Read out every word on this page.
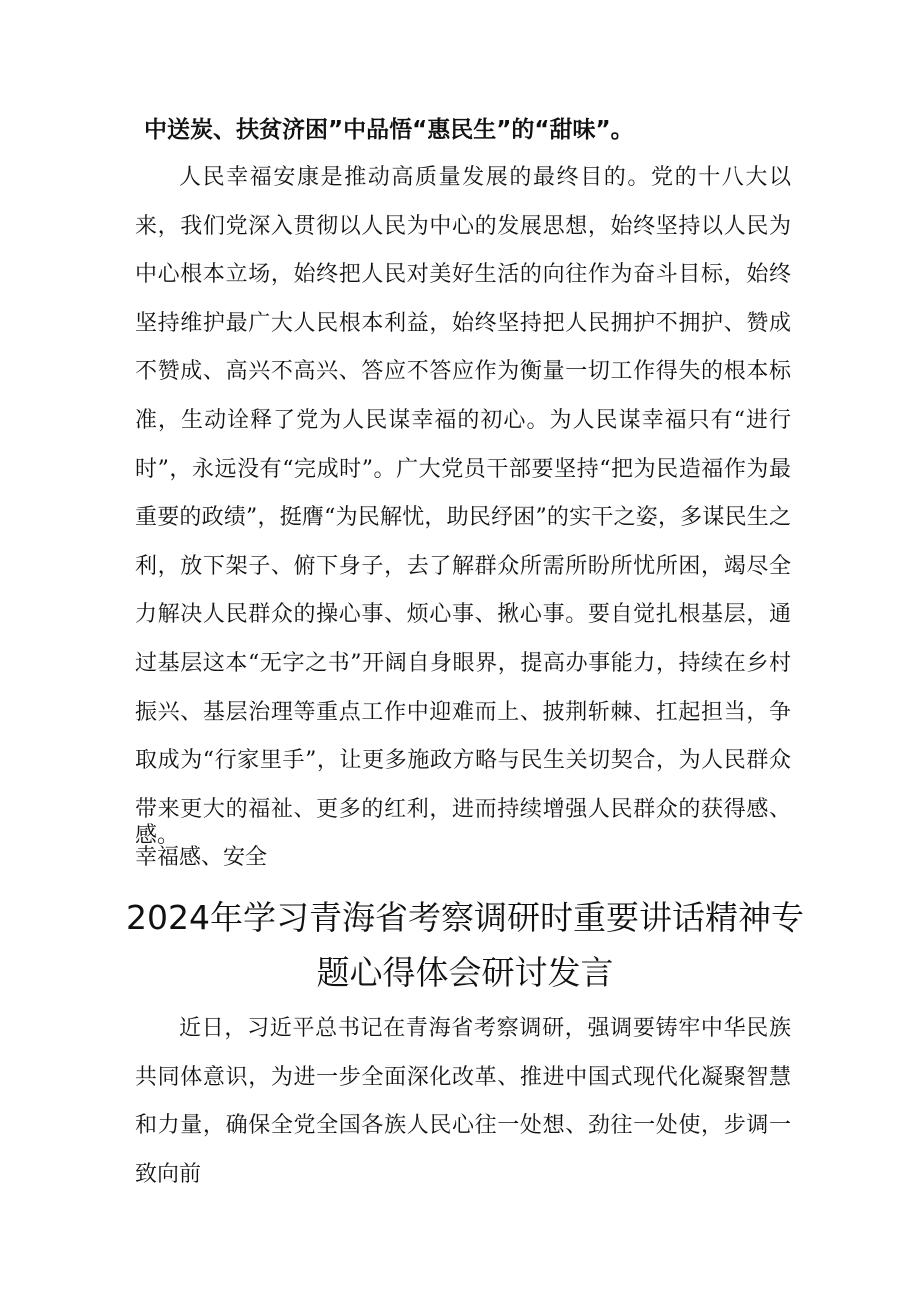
中送炭、扶贫济困”中品悟“惠民生”的“甜味”。

人民幸福安康是推动高质量发展的最终目的。党的十八大以来，我们党深入贯彻以人民为中心的发展思想，始终坚持以人民为中心根本立场，始终把人民对美好生活的向往作为奋斗目标，始终坚持维护最广大人民根本利益，始终坚持把人民拥护不拥护、赞成不赞成、高兴不高兴、答应不答应作为衡量一切工作得失的根本标准，生动诠释了党为人民谋幸福的初心。为人民谋幸福只有“进行时”，永远没有“完成时”。广大党员干部要坚持“把为民造福作为最重要的政绩”，挺膺“为民解忧，助民纾困”的实干之姿，多谋民生之利，放下架子、俯下身子，去了解群众所需所盼所忧所困，竭尽全力解决人民群众的操心事、烦心事、揪心事。要自觉扎根基层，通过基层这本“无字之书”开阔自身眼界，提高办事能力，持续在乡村振兴、基层治理等重点工作中迎难而上、披荆斩棘、扛起担当，争取成为“行家里手”，让更多施政方略与民生关切契合，为人民群众带来更大的福祉、更多的红利，进而持续增强人民群众的获得感、幸福感、安全

感。
2024年学习青海省考察调研时重要讲话精神专题心得体会研讨发言

近日，习近平总书记在青海省考察调研，强调要铸牢中华民族共同体意识，为进一步全面深化改革、推进中国式现代化凝聚智慧和力量，确保全党全国各族人民心往一处想、劲往一处使，步调一致向前
